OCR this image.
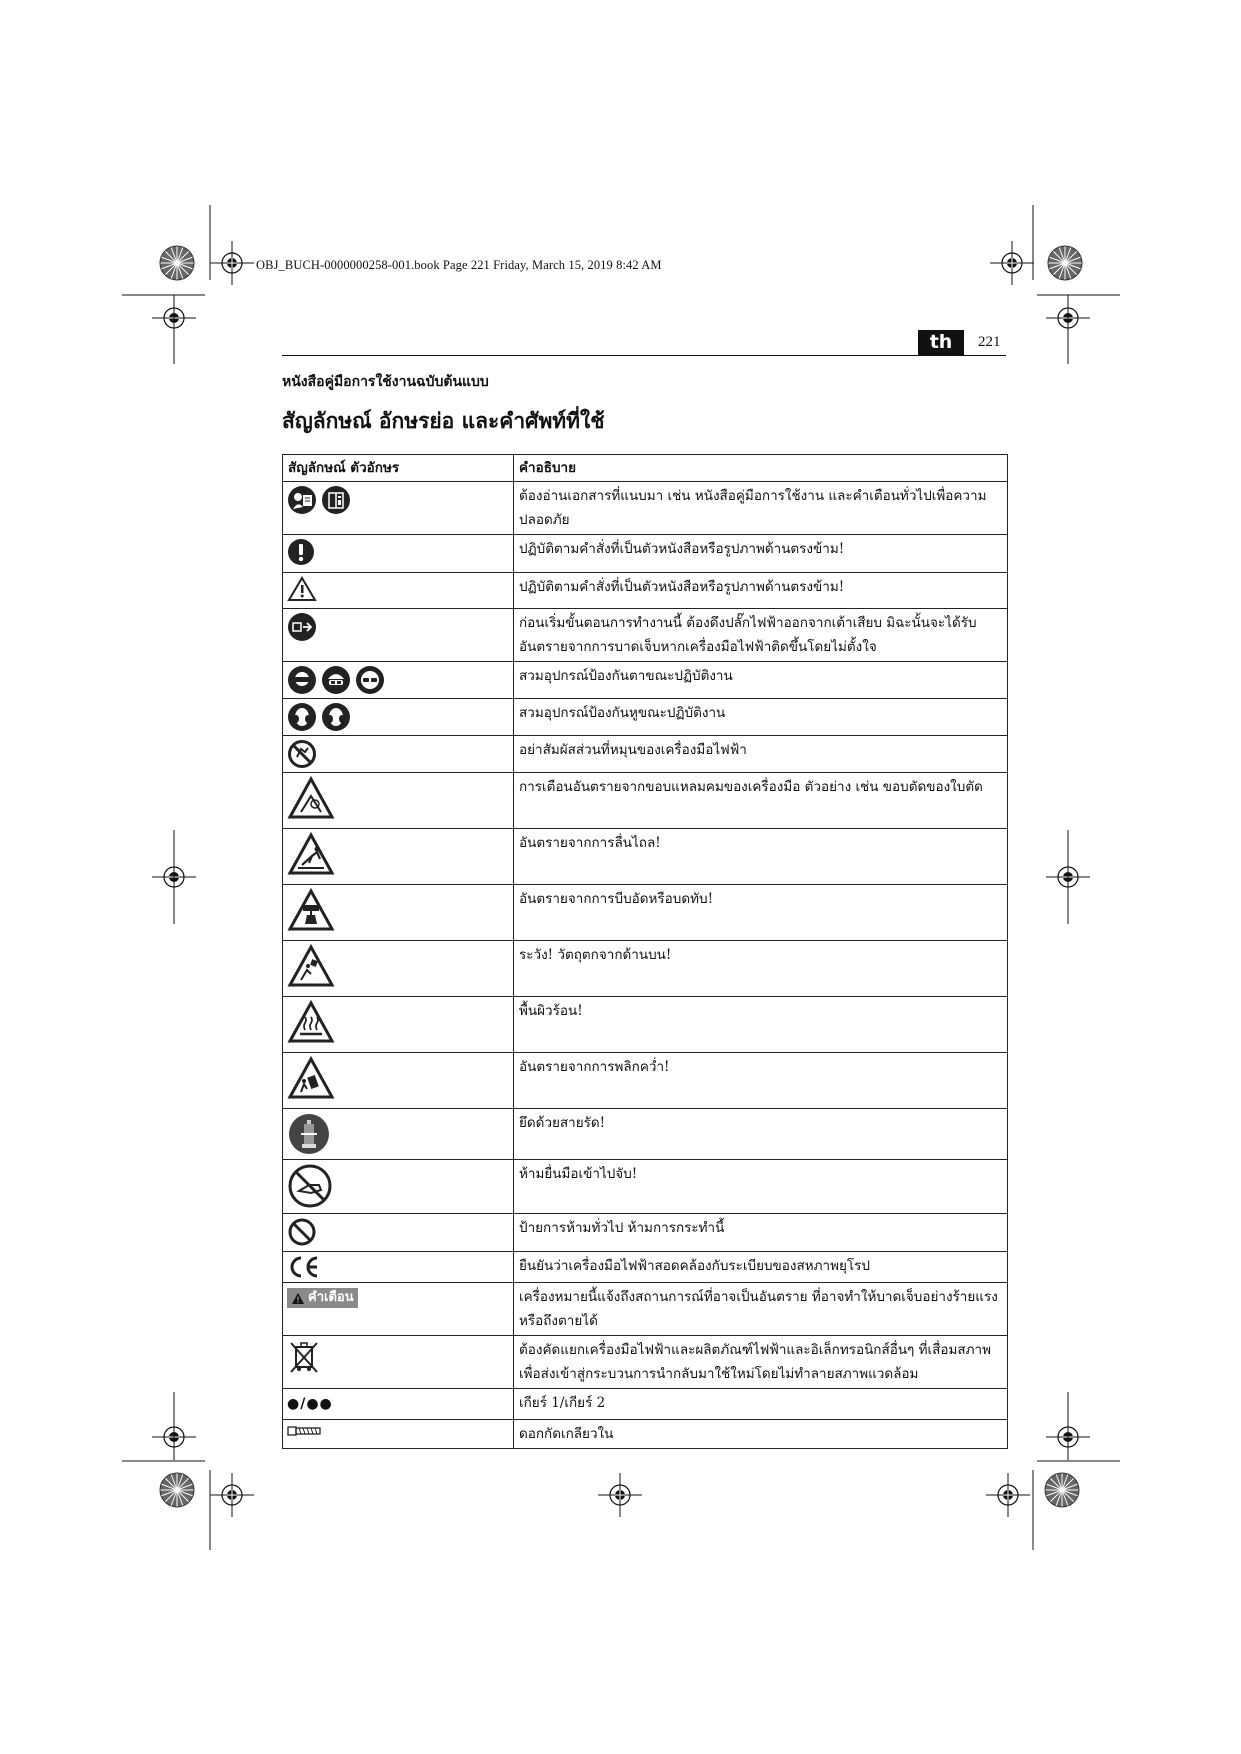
OBJ_BUCH-0000000258-001.book Page 221 Friday, March 15, 2019 8:42 AM
th	221
หนังสือคู่มือการใช้งานฉบับต้นแบบ
สัญลักษณ์ อักษรย่อ และคำศัพท์ที่ใช้
สัญลักษณ์ ตัวอักษร	คำอธิบาย

	ต้องอ่านเอกสารที่แนบมา เช่น หนังสือคู่มือการใช้งาน และคำเตือนทั่วไปเพื่อความปลอดภัย

	ปฏิบัติตามคำสั่งที่เป็นตัวหนังสือหรือรูปภาพด้านตรงข้าม!

	ปฏิบัติตามคำสั่งที่เป็นตัวหนังสือหรือรูปภาพด้านตรงข้าม!

	ก่อนเริ่มขั้นตอนการทำงานนี้ ต้องดึงปลั๊กไฟฟ้าออกจากเต้าเสียบ มิฉะนั้นจะได้รับอันตรายจากการบาดเจ็บหากเครื่องมือไฟฟ้าติดขึ้นโดยไม่ตั้งใจ

	สวมอุปกรณ์ป้องกันตาขณะปฏิบัติงาน

	สวมอุปกรณ์ป้องกันหูขณะปฏิบัติงาน

	อย่าสัมผัสส่วนที่หมุนของเครื่องมือไฟฟ้า

	การเตือนอันตรายจากขอบแหลมคมของเครื่องมือ ตัวอย่าง เช่น ขอบตัดของใบตัด

	อันตรายจากการลื่นไถล!

	อันตรายจากการบีบอัดหรือบดทับ!

	ระวัง! วัตถุตกจากด้านบน!

	พื้นผิวร้อน!

	อันตรายจากการพลิกคว่ำ!

	ยึดด้วยสายรัด!

	ห้ามยื่นมือเข้าไปจับ!

	ป้ายการห้ามทั่วไป ห้ามการกระทำนี้

	ยืนยันว่าเครื่องมือไฟฟ้าสอดคล้องกับระเบียบของสหภาพยุโรป

คำเตือน	เครื่องหมายนี้แจ้งถึงสถานการณ์ที่อาจเป็นอันตราย ที่อาจทำให้บาดเจ็บอย่างร้ายแรงหรือถึงตายได้

	ต้องคัดแยกเครื่องมือไฟฟ้าและผลิตภัณฑ์ไฟฟ้าและอิเล็กทรอนิกส์อื่นๆ ที่เสื่อมสภาพเพื่อส่งเข้าสู่กระบวนการนำกลับมาใช้ใหม่โดยไม่ทำลายสภาพแวดล้อม

●/●●	เกียร์ 1/เกียร์ 2

	ดอกกัดเกลียวใน
